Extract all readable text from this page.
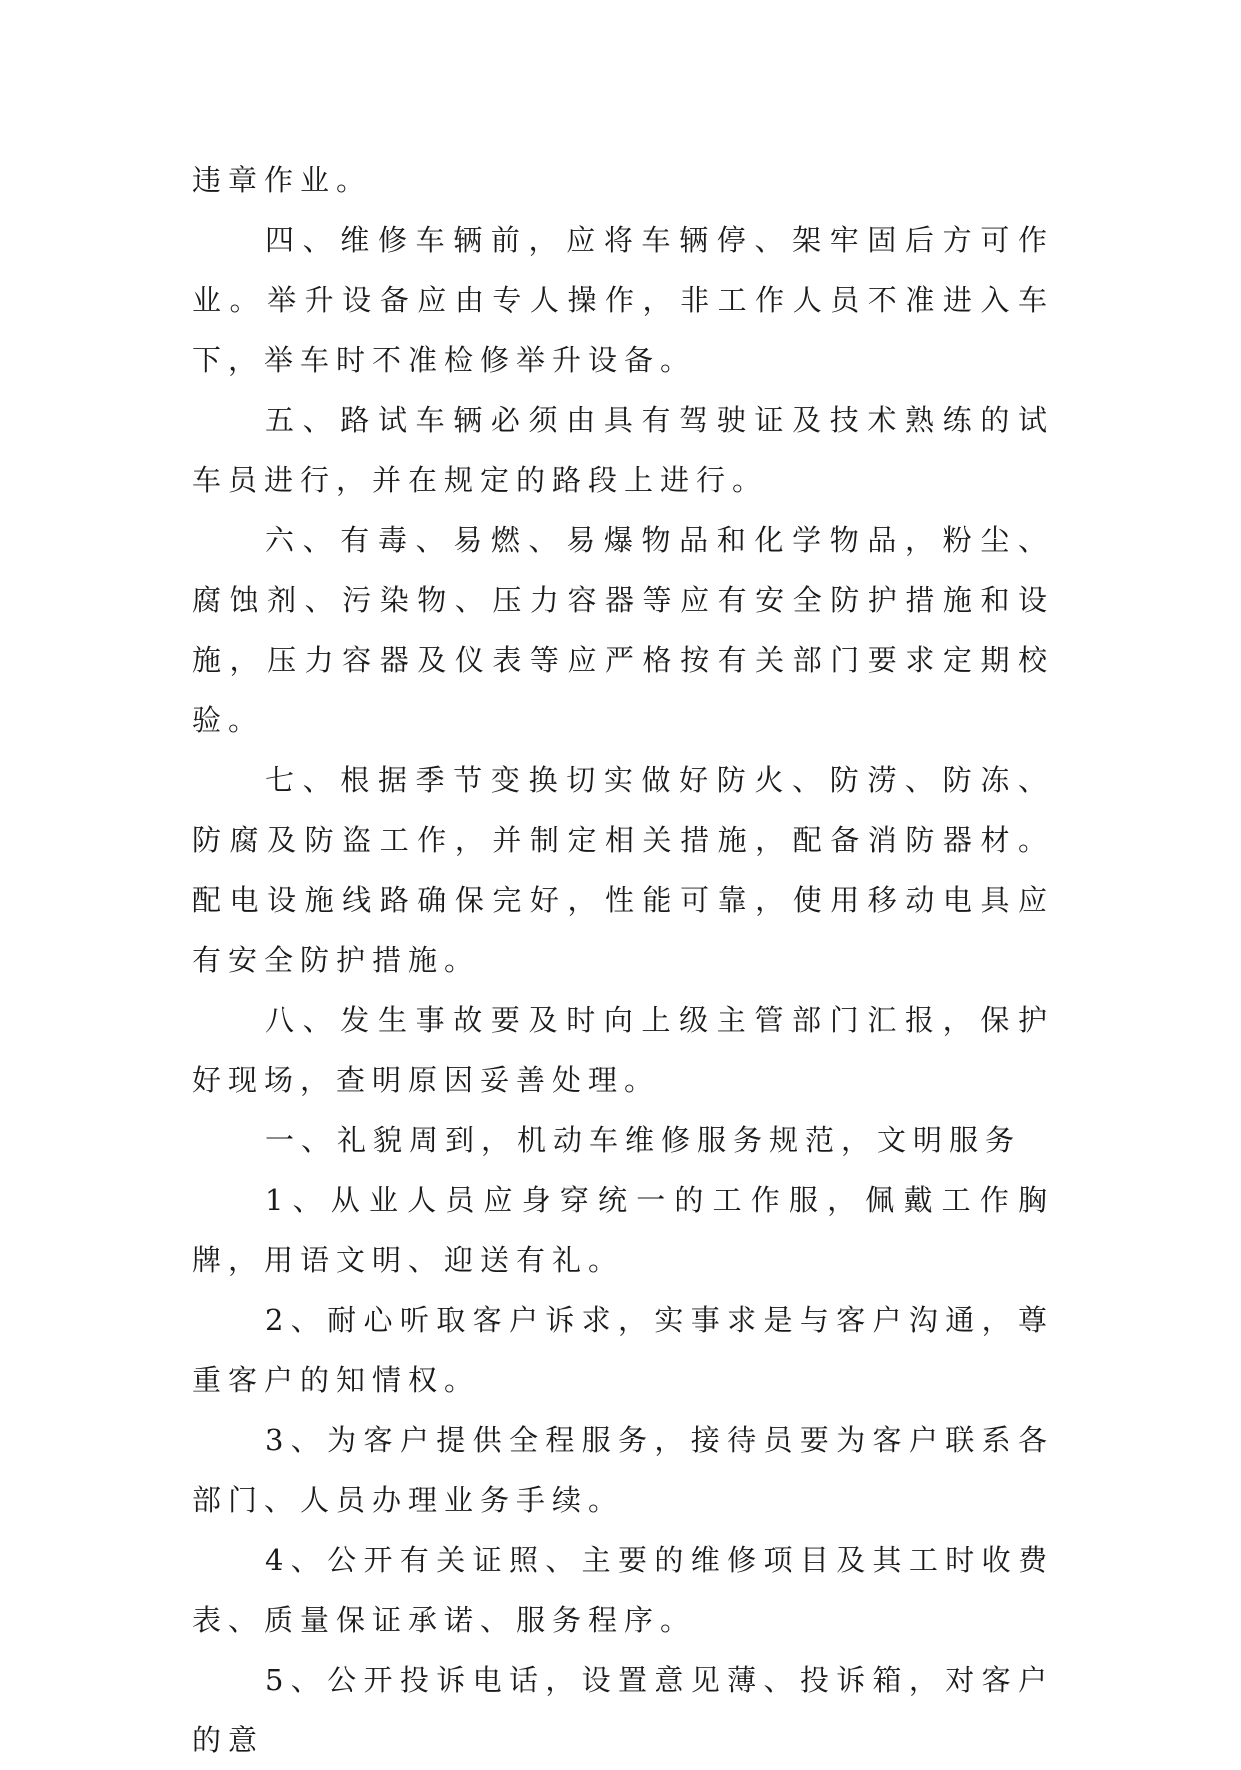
违章作业。

四、维修车辆前，应将车辆停、架牢固后方可作业。举升设备应由专人操作，非工作人员不准进入车下，举车时不准检修举升设备。

五、路试车辆必须由具有驾驶证及技术熟练的试车员进行，并在规定的路段上进行。

六、有毒、易燃、易爆物品和化学物品，粉尘、腐蚀剂、污染物、压力容器等应有安全防护措施和设施，压力容器及仪表等应严格按有关部门要求定期校验。

七、根据季节变换切实做好防火、防涝、防冻、防腐及防盗工作，并制定相关措施，配备消防器材。配电设施线路确保完好，性能可靠，使用移动电具应有安全防护措施。

八、发生事故要及时向上级主管部门汇报，保护好现场，查明原因妥善处理。

一、礼貌周到，机动车维修服务规范，文明服务

1、从业人员应身穿统一的工作服，佩戴工作胸牌，用语文明、迎送有礼。

2、耐心听取客户诉求，实事求是与客户沟通，尊重客户的知情权。

3、为客户提供全程服务，接待员要为客户联系各部门、人员办理业务手续。

4、公开有关证照、主要的维修项目及其工时收费表、质量保证承诺、服务程序。

5、公开投诉电话，设置意见薄、投诉箱，对客户的意
